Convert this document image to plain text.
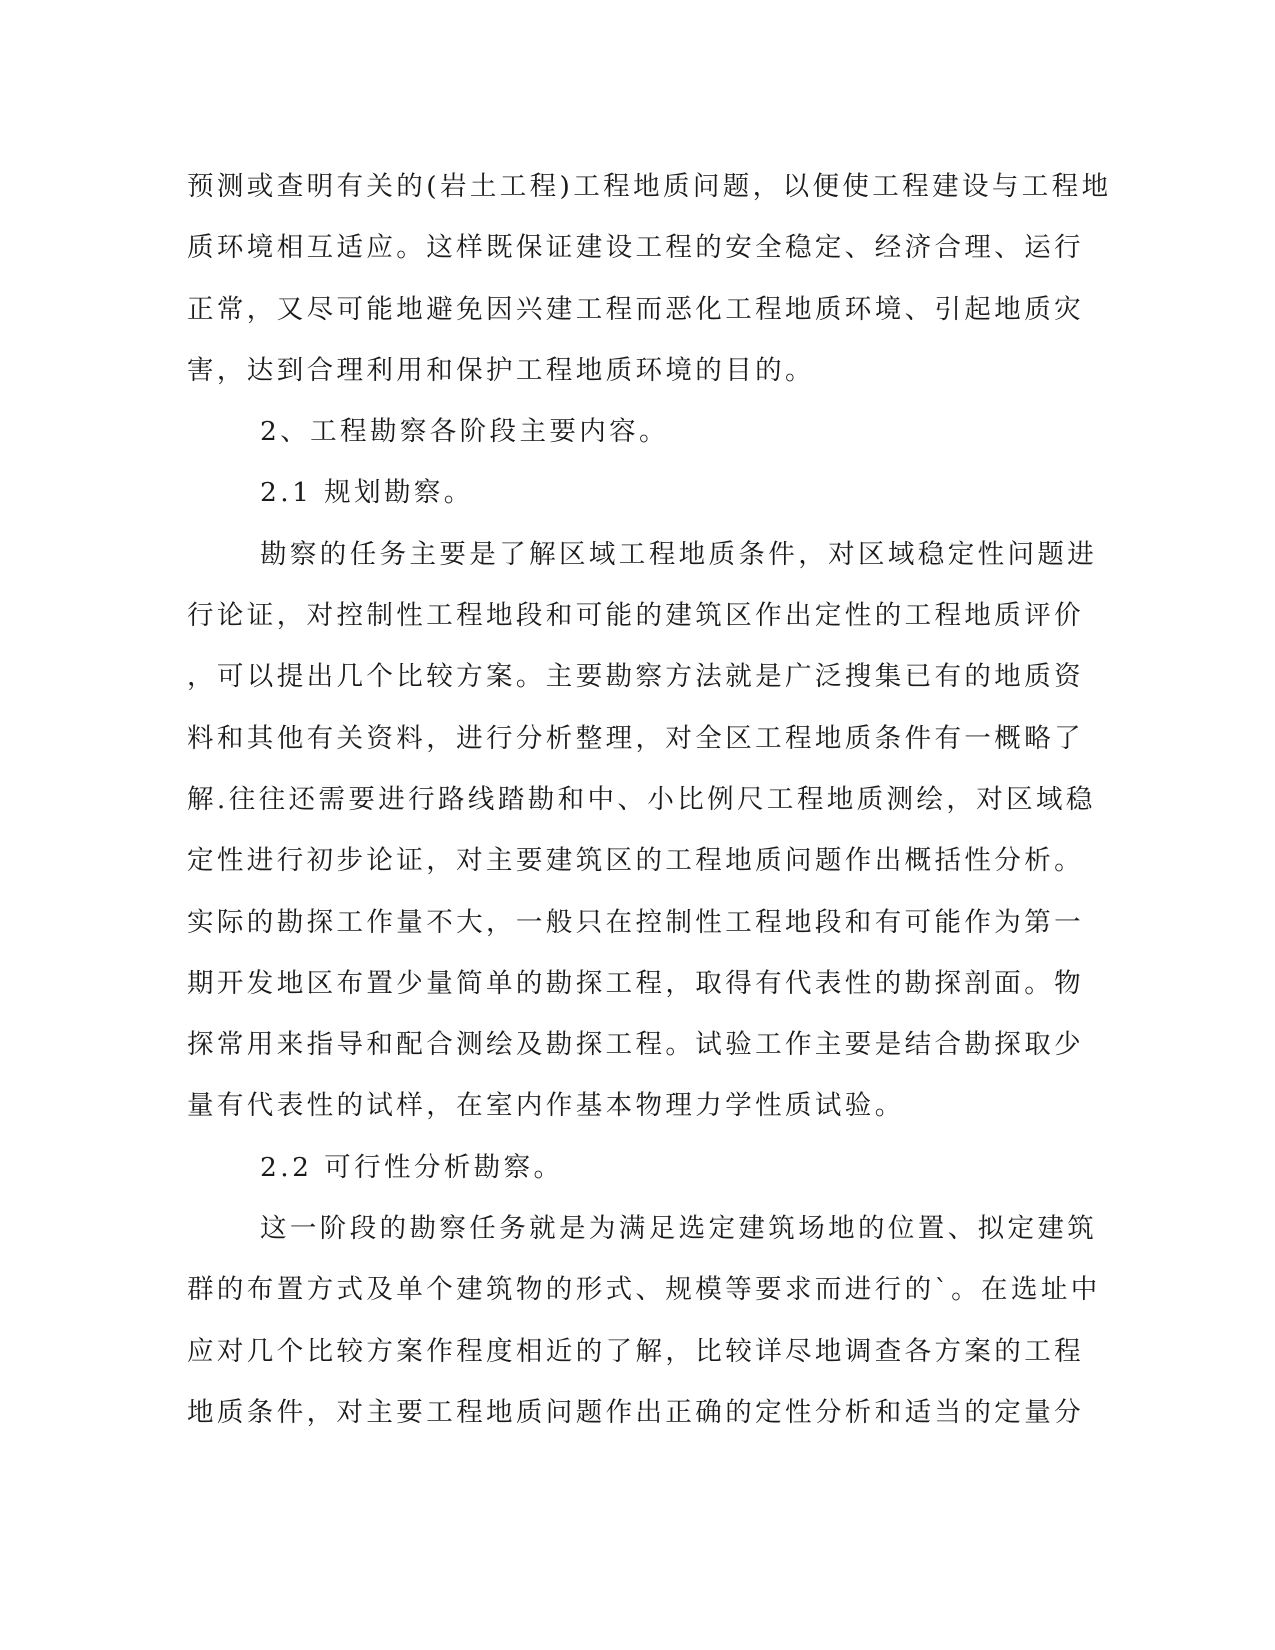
预测或查明有关的(岩土工程)工程地质问题，以便使工程建设与工程地
质环境相互适应。这样既保证建设工程的安全稳定、经济合理、运行
正常，又尽可能地避免因兴建工程而恶化工程地质环境、引起地质灾
害，达到合理利用和保护工程地质环境的目的。
2、工程勘察各阶段主要内容。
2.1 规划勘察。
勘察的任务主要是了解区域工程地质条件，对区域稳定性问题进
行论证，对控制性工程地段和可能的建筑区作出定性的工程地质评价
，可以提出几个比较方案。主要勘察方法就是广泛搜集已有的地质资
料和其他有关资料，进行分析整理，对全区工程地质条件有一概略了
解.往往还需要进行路线踏勘和中、小比例尺工程地质测绘，对区域稳
定性进行初步论证，对主要建筑区的工程地质问题作出概括性分析。
实际的勘探工作量不大，一般只在控制性工程地段和有可能作为第一
期开发地区布置少量简单的勘探工程，取得有代表性的勘探剖面。物
探常用来指导和配合测绘及勘探工程。试验工作主要是结合勘探取少
量有代表性的试样，在室内作基本物理力学性质试验。
2.2 可行性分析勘察。
这一阶段的勘察任务就是为满足选定建筑场地的位置、拟定建筑
群的布置方式及单个建筑物的形式、规模等要求而进行的`。在选址中
应对几个比较方案作程度相近的了解，比较详尽地调查各方案的工程
地质条件，对主要工程地质问题作出正确的定性分析和适当的定量分
